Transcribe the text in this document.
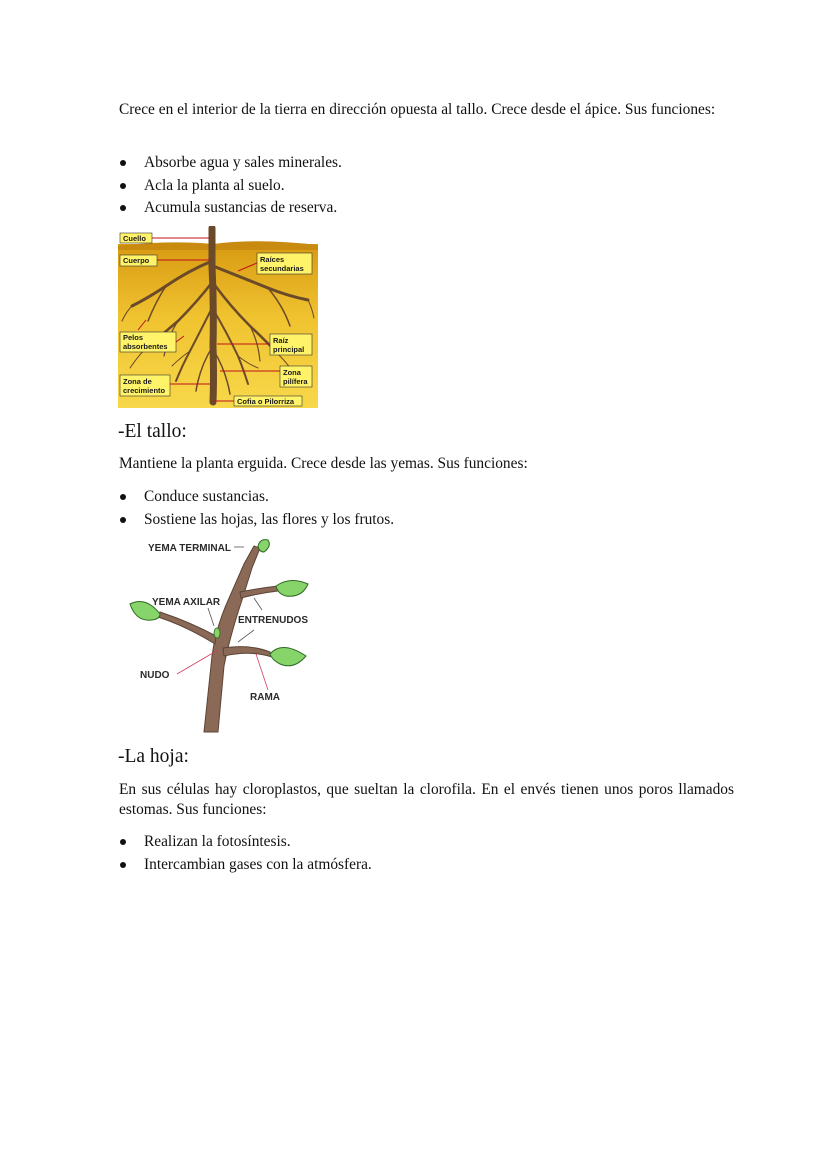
Crece en el interior de la tierra en dirección opuesta al tallo. Crece desde el ápice. Sus funciones:

Absorbe agua y sales minerales.
Acla la planta al suelo.
Acumula sustancias de reserva.
Cuello
Cuerpo	Raíces
secundarias
Pelos
absorbentes
Raíz
principal
Zona
pilífera
Zona de
crecimiento
Cofia o Pilorriza
-El tallo:

Mantiene la planta erguida. Crece desde las yemas. Sus funciones:

Conduce sustancias.
Sostiene las hojas, las flores y los frutos.
YEMA TERMINAL
YEMA AXILAR
ENTRENUDOS
NUDO
RAMA
-La hoja:

En sus células hay cloroplastos, que sueltan la clorofila. En el envés tienen unos poros llamados estomas. Sus funciones:

Realizan la fotosíntesis.
Intercambian gases con la atmósfera.
